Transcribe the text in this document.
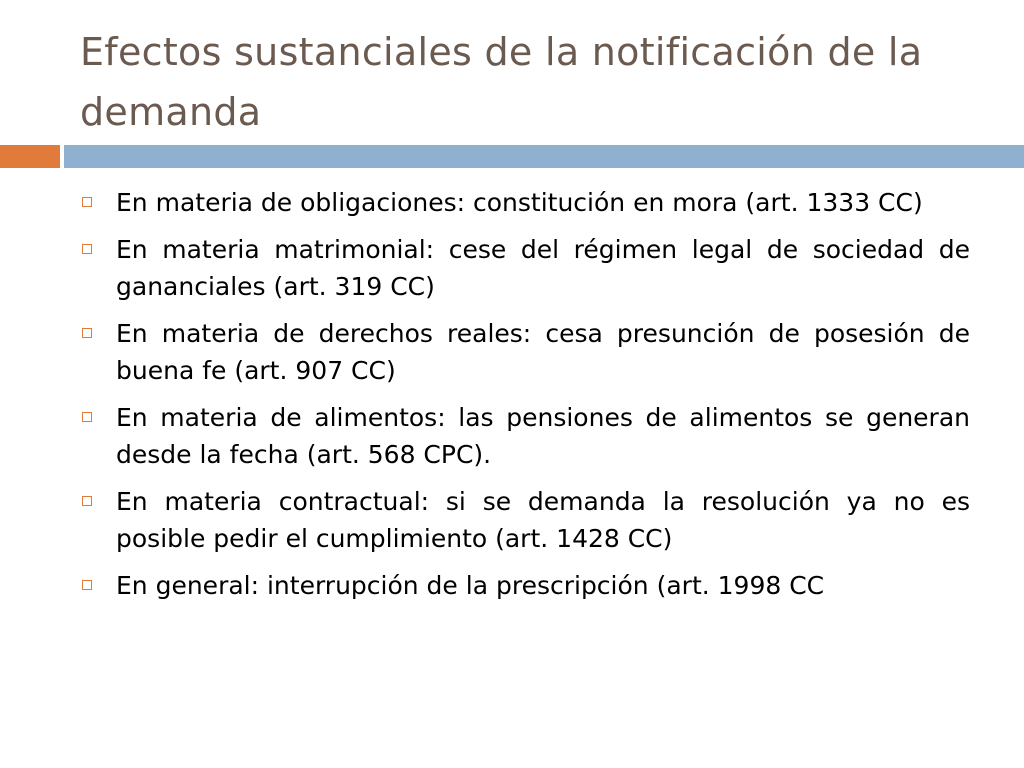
Efectos sustanciales de la notificación de la demanda
En materia de obligaciones: constitución en mora (art. 1333 CC)
En materia matrimonial: cese del régimen legal de sociedad de gananciales (art. 319 CC)
En materia de derechos reales: cesa presunción de posesión de buena fe (art. 907 CC)
En materia de alimentos: las pensiones de alimentos se generan desde la fecha (art. 568 CPC).
En materia contractual: si se demanda la resolución ya no es posible pedir el cumplimiento (art. 1428 CC)
En general: interrupción de la prescripción (art. 1998 CC
